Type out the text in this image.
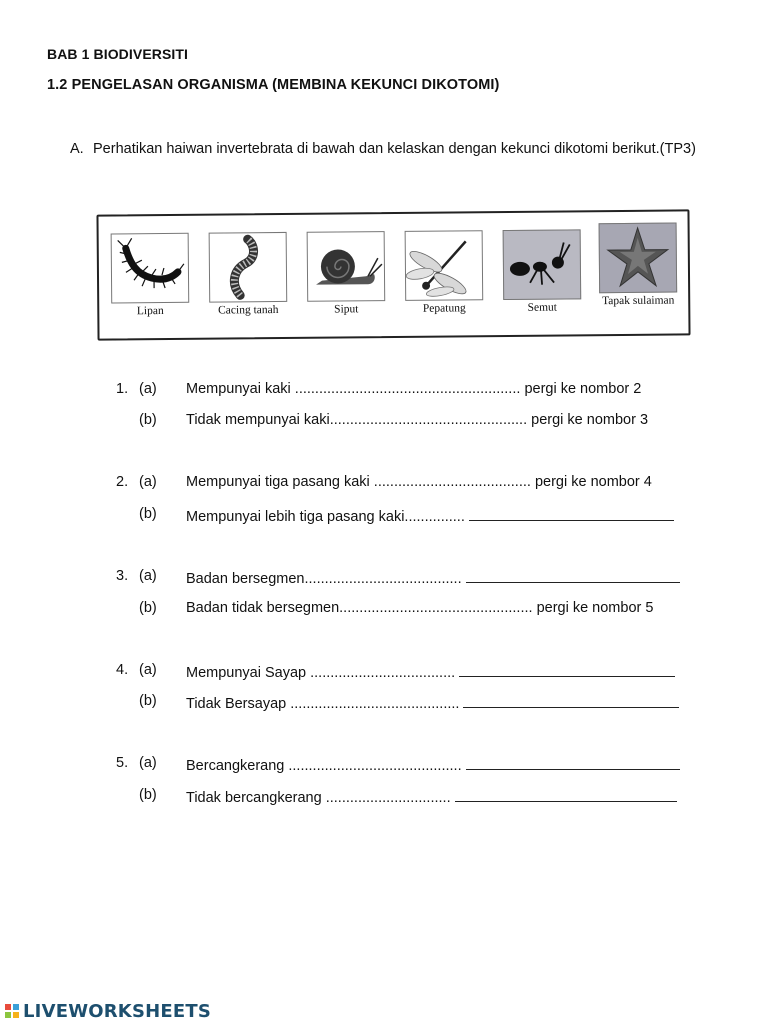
BAB 1 BIODIVERSITI
1.2 PENGELASAN ORGANISMA (MEMBINA KEKUNCI DIKOTOMI)
A. Perhatikan haiwan invertebrata di bawah dan kelaskan dengan kekunci dikotomi berikut.(TP3)
Lipan	Cacing tanah	Siput	Pepatung	Semut
Tapak sulaiman
1. (a) Mempunyai kaki ........................................................ pergi ke nombor 2
(b) Tidak mempunyai kaki................................................. pergi ke nombor 3
2. (a) Mempunyai tiga pasang kaki ....................................... pergi ke nombor 4
(b) Mempunyai lebih tiga pasang kaki...............
3. (a) Badan bersegmen.......................................
(b) Badan tidak bersegmen................................................ pergi ke nombor 5
4. (a) Mempunyai Sayap ....................................
(b) Tidak Bersayap ..........................................
5. (a) Bercangkerang ...........................................
(b) Tidak bercangkerang ...............................
LIVEWORKSHEETS
